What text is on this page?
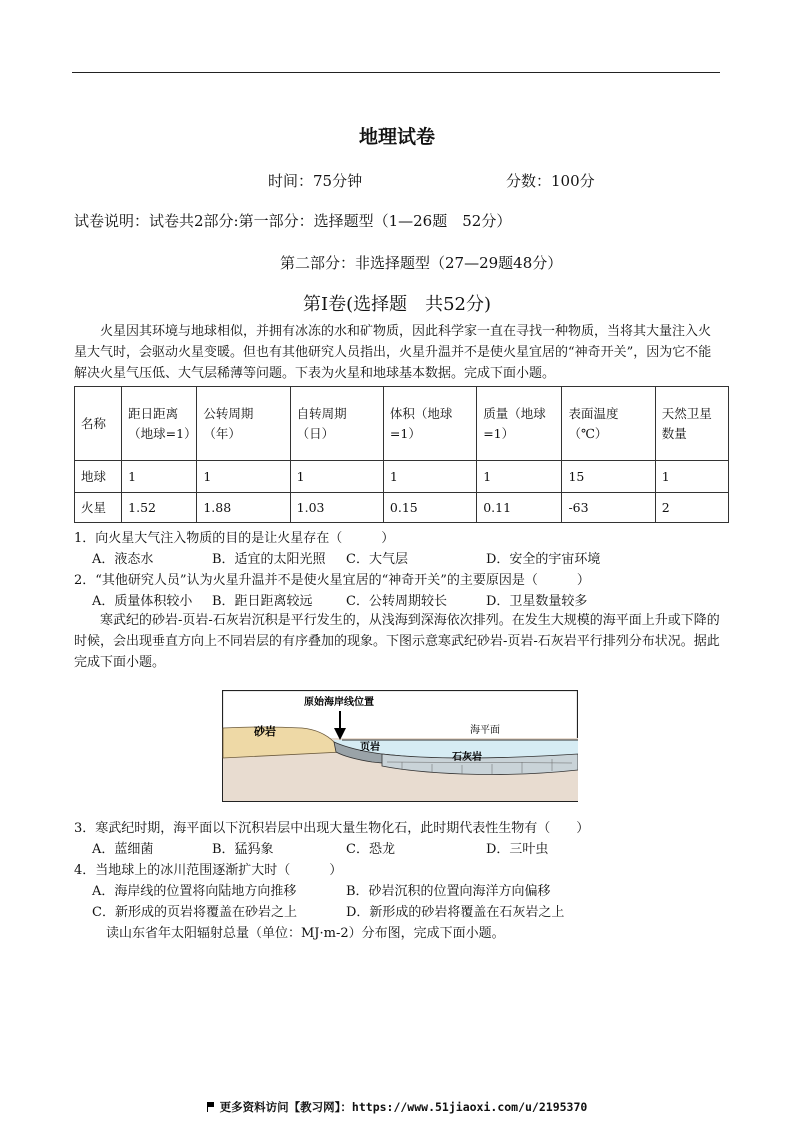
地理试卷
时间：75分钟	分数：100分
试卷说明：试卷共2部分:第一部分：选择题型（1—26题　52分）
第二部分：非选择题型（27—29题48分）
第Ⅰ卷(选择题　共52分)

火星因其环境与地球相似，并拥有冰冻的水和矿物质，因此科学家一直在寻找一种物质，当将其大量注入火星大气时，会驱动火星变暖。但也有其他研究人员指出，火星升温并不是使火星宜居的“神奇开关”，因为它不能解决火星气压低、大气层稀薄等问题。下表为火星和地球基本数据。完成下面小题。

名称	距日距离（地球=1）	公转周期（年）	自转周期（日）	体积（地球=1）	质量（地球=1）	表面温度（℃）	天然卫星数量
地球	1	1	1	1	1	15	1
火星	1.52	1.88	1.03	0.15	0.11	-63	2
1．向火星大气注入物质的目的是让火星存在（　　　）
A．液态水	B．适宜的太阳光照 C．大气层	D．安全的宇宙环境
2．“其他研究人员”认为火星升温并不是使火星宜居的“神奇开关”的主要原因是（　　　）
A．质量体积较小 B．距日距离较远	C．公转周期较长	D．卫星数量较多

寒武纪的砂岩-页岩-石灰岩沉积是平行发生的，从浅海到深海依次排列。在发生大规模的海平面上升或下降的时候，会出现垂直方向上不同岩层的有序叠加的现象。下图示意寒武纪砂岩-页岩-石灰岩平行排列分布状况。据此完成下面小题。

原始海岸线位置
海平面
砂岩
页岩
石灰岩
3．寒武纪时期，海平面以下沉积岩层中出现大量生物化石，此时期代表性生物有（　　）
A．蓝细菌	B．猛犸象	C．恐龙	D．三叶虫
4．当地球上的冰川范围逐渐扩大时（　　　）
A．海岸线的位置将向陆地方向推移	B．砂岩沉积的位置向海洋方向偏移
C．新形成的页岩将覆盖在砂岩之上	D．新形成的砂岩将覆盖在石灰岩之上
读山东省年太阳辐射总量（单位：MJ·m-2）分布图，完成下面小题。
更多资料访问【教习网】：https://www.51jiaoxi.com/u/2195370
